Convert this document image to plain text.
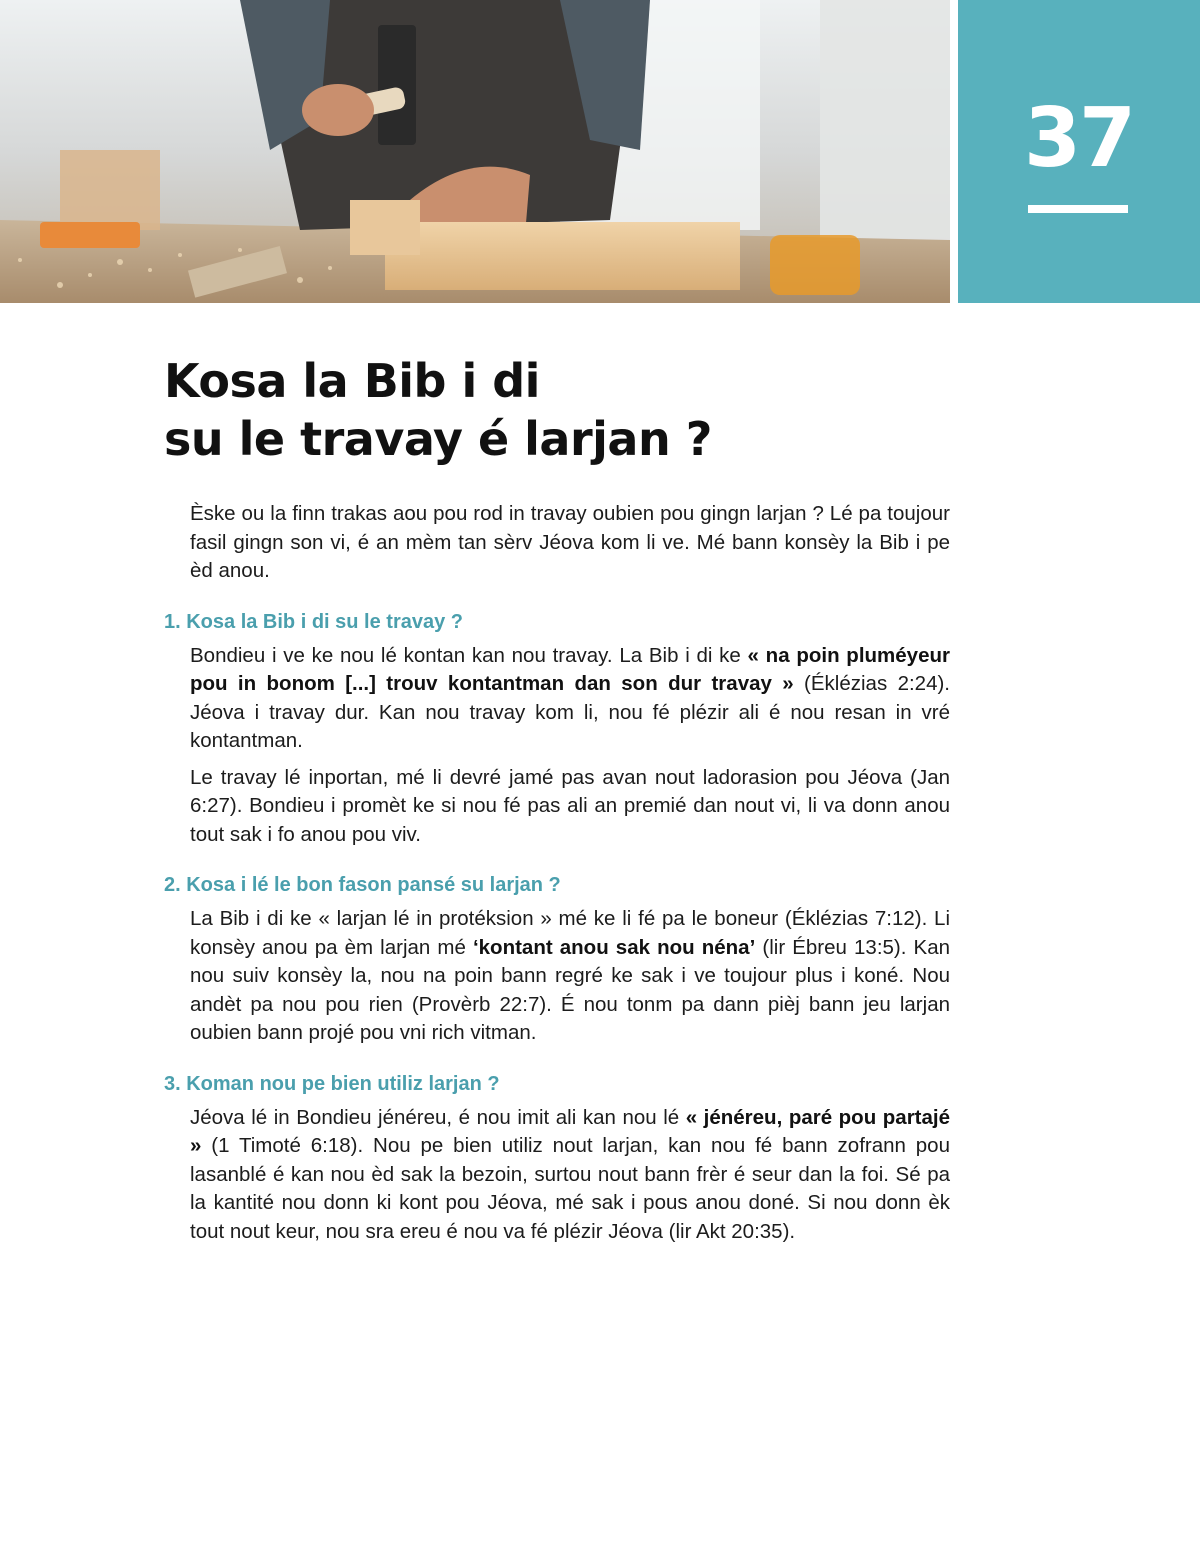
37
Kosa la Bib i di
su le travay é larjan ?

Èske ou la finn trakas aou pou rod in travay oubien pou gingn larjan ? Lé pa toujour fasil gingn son vi, é an mèm tan sèrv Jéova kom li ve. Mé bann konsèy la Bib i pe èd anou.

1. Kosa la Bib i di su le travay ?

Bondieu i ve ke nou lé kontan kan nou travay. La Bib i di ke « na poin pluméyeur pou in bonom [...] trouv kontantman dan son dur travay » (Éklézias 2:24). Jéova i travay dur. Kan nou travay kom li, nou fé plézir ali é nou resan in vré kontantman.

Le travay lé inportan, mé li devré jamé pas avan nout ladorasion pou Jéova (Jan 6:27). Bondieu i promèt ke si nou fé pas ali an premié dan nout vi, li va donn anou tout sak i fo anou pou viv.

2. Kosa i lé le bon fason pansé su larjan ?

La Bib i di ke « larjan lé in protéksion » mé ke li fé pa le boneur (Éklézias 7:12). Li konsèy anou pa èm larjan mé ‘kontant anou sak nou néna’ (lir Ébreu 13:5). Kan nou suiv konsèy la, nou na poin bann regré ke sak i ve toujour plus i koné. Nou andèt pa nou pou rien (Provèrb 22:7). É nou tonm pa dann pièj bann jeu larjan oubien bann projé pou vni rich vitman.

3. Koman nou pe bien utiliz larjan ?

Jéova lé in Bondieu jénéreu, é nou imit ali kan nou lé « jénéreu, paré pou partajé » (1 Timoté 6:18). Nou pe bien utiliz nout larjan, kan nou fé bann zofrann pou lasanblé é kan nou èd sak la bezoin, surtou nout bann frèr é seur dan la foi. Sé pa la kantité nou donn ki kont pou Jéova, mé sak i pous anou doné. Si nou donn èk tout nout keur, nou sra ereu é nou va fé plézir Jéova (lir Akt 20:35).
